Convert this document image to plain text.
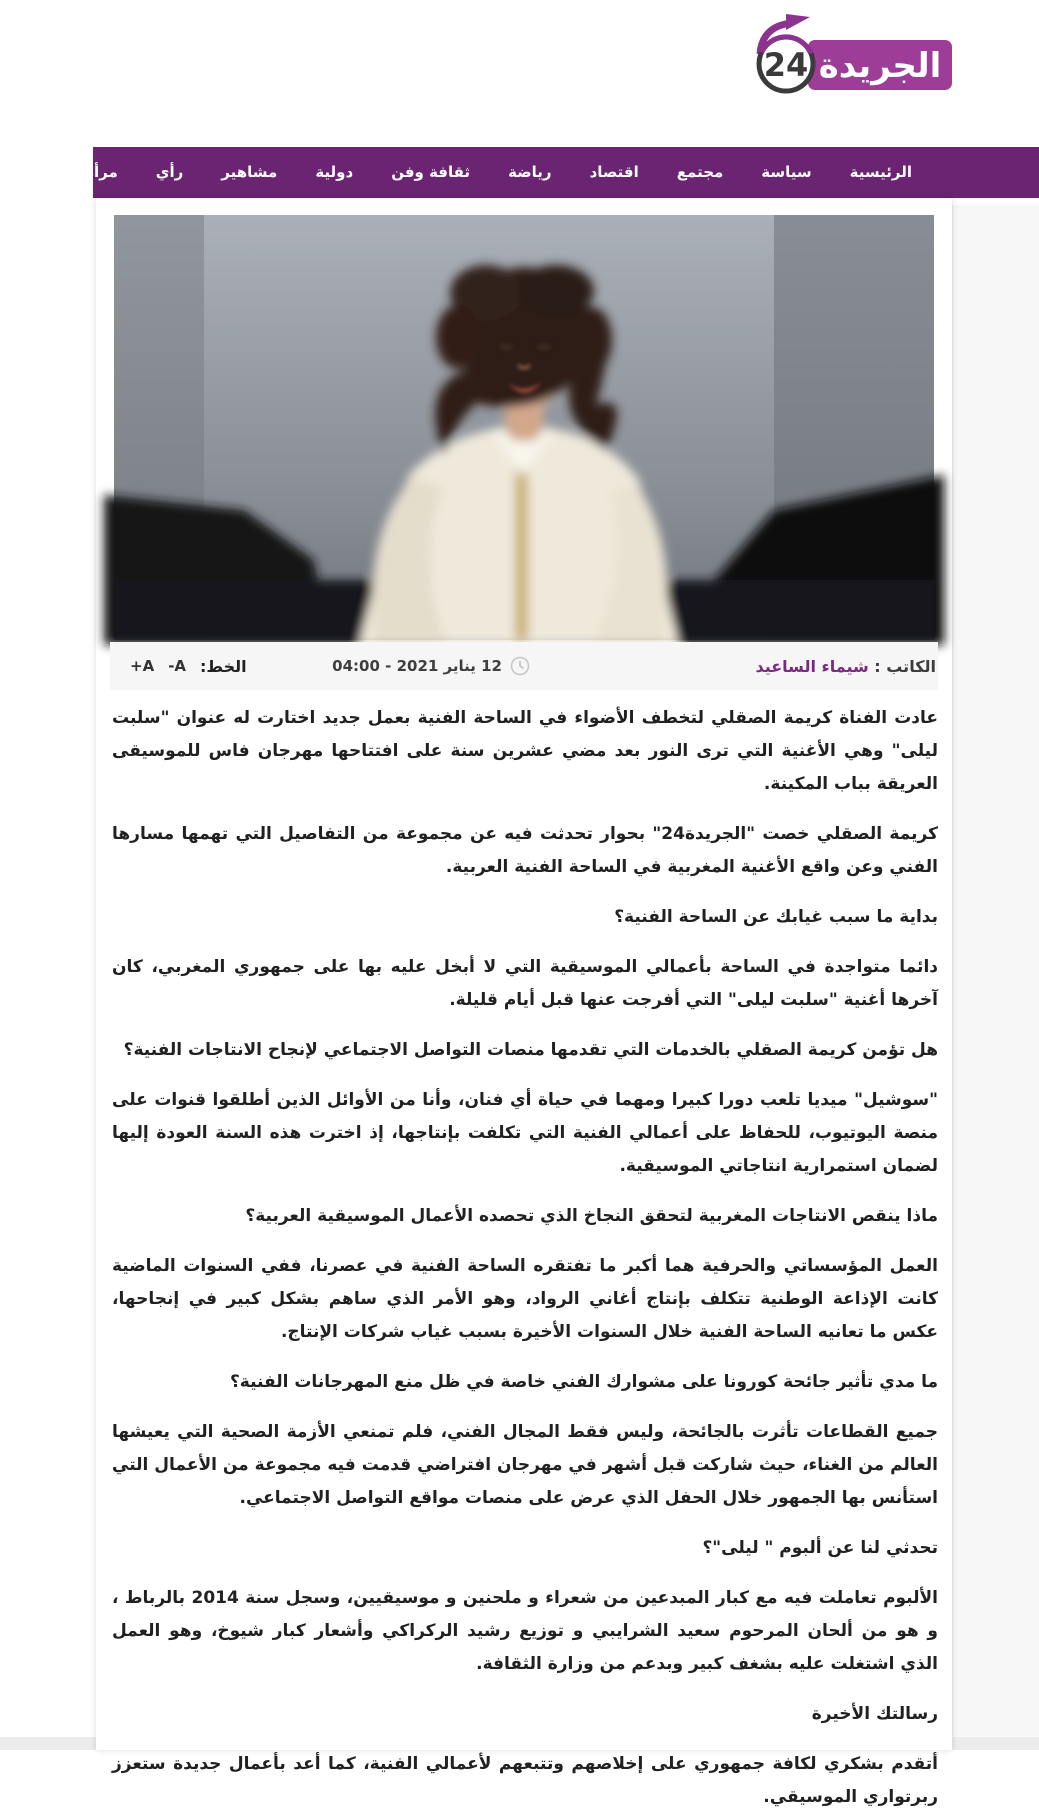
الجريدة
24
الرئيسية
سياسة
مجتمع
اقتصاد
رياضة
ثقافة وفن
دولية
مشاهير
رأي
مرأة
الكاتب : شيماء الساعيد
12 يناير 2021 - 04:00
الخط:
-A
+A

عادت الفناة كريمة الصقلي لتخطف الأضواء في الساحة الفنية بعمل جديد اختارت له عنوان "سلبت ليلى" وهي الأغنية التي ترى النور بعد مضي عشرين سنة على افتتاحها مهرجان فاس للموسيقى العريقة بباب المكينة.

كريمة الصقلي خصت "الجريدة24" بحوار تحدثت فيه عن مجموعة من التفاصيل التي تهمها مسارها الفني وعن واقع الأغنية المغربية في الساحة الفنية العربية.

بداية ما سبب غيابك عن الساحة الفنية؟

دائما متواجدة في الساحة بأعمالي الموسيقية التي لا أبخل عليه بها على جمهوري المغربي، كان آخرها أغنية "سلبت ليلى" التي أفرجت عنها قبل أيام قليلة.

هل تؤمن كريمة الصقلي بالخدمات التي تقدمها منصات التواصل الاجتماعي لإنجاح الانتاجات الفنية؟

"سوشيل" ميديا تلعب دورا كبيرا ومهما في حياة أي فنان، وأنا من الأوائل الذين أطلقوا قنوات على منصة اليوتيوب، للحفاظ على أعمالي الفنية التي تكلفت بإنتاجها، إذ اخترت هذه السنة العودة إليها لضمان استمرارية انتاجاتي الموسيقية.

ماذا ينقص الانتاجات المغربية لتحقق النجاخ الذي تحصده الأعمال الموسيقية العربية؟

العمل المؤسساتي والحرفية هما أكبر ما تفتقره الساحة الفنية في عصرنا، ففي السنوات الماضية كانت الإذاعة الوطنية تتكلف بإنتاج أغاني الرواد، وهو الأمر الذي ساهم بشكل كبير في إنجاحها، عكس ما تعانيه الساحة الفنية خلال السنوات الأخيرة بسبب غياب شركات الإنتاج.

ما مدي تأثير جائحة كورونا على مشوارك الفني خاصة في ظل منع المهرجانات الفنية؟

جميع القطاعات تأثرت بالجائحة، وليس فقط المجال الفني، فلم تمنعي الأزمة الصحية التي يعيشها العالم من الغناء، حيث شاركت قبل أشهر في مهرجان افتراضي قدمت فيه مجموعة من الأعمال التي استأنس بها الجمهور خلال الحفل الذي عرض على منصات مواقع التواصل الاجتماعي.

تحدثي لنا عن ألبوم " ليلى"؟

الألبوم تعاملت فيه مع كبار المبدعين من شعراء و ملحنين و موسيقيين، وسجل سنة 2014 بالرباط ، و هو من ألحان المرحوم سعيد الشرايبي و توزيع رشيد الركراكي وأشعار كبار شيوخ، وهو العمل الذي اشتغلت عليه بشغف كبير وبدعم من وزارة الثقافة.

رسالتك الأخيرة

أتقدم بشكري لكافة جمهوري على إخلاصهم وتتبعهم لأعمالي الفنية، كما أعد بأعمال جديدة ستعزز ربرتواري الموسيقي.
